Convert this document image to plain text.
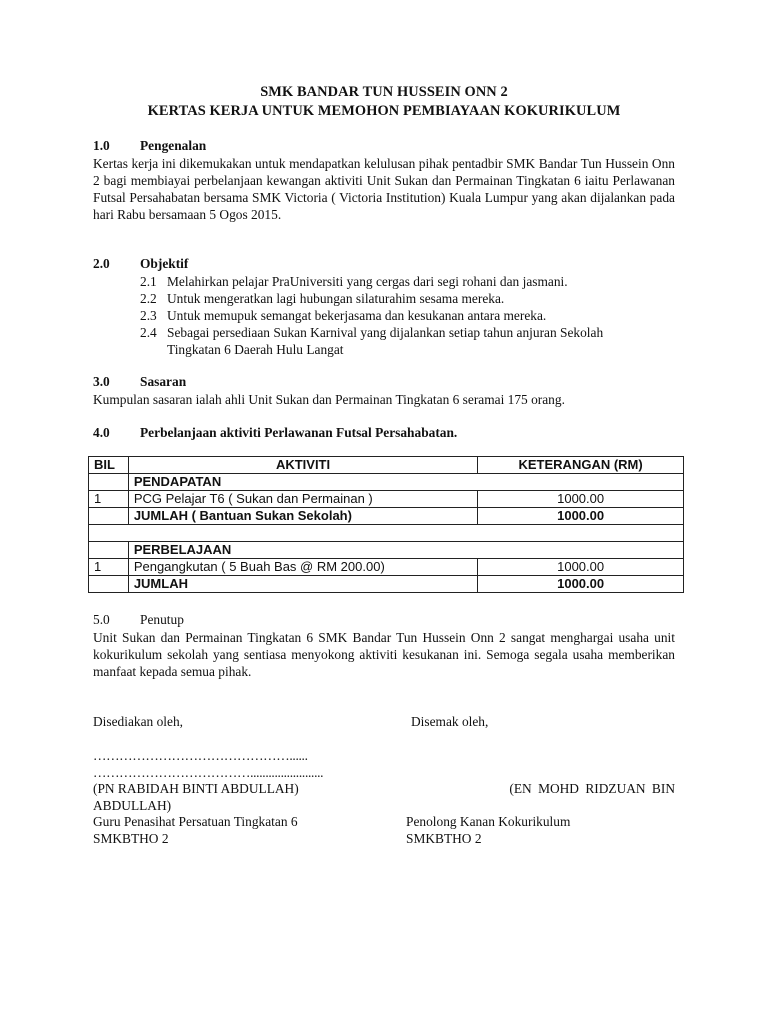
SMK BANDAR TUN HUSSEIN ONN 2
KERTAS KERJA UNTUK MEMOHON PEMBIAYAAN KOKURIKULUM
1.0 Pengenalan
Kertas kerja ini dikemukakan untuk mendapatkan kelulusan pihak pentadbir SMK Bandar Tun Hussein Onn 2 bagi membiayai perbelanjaan kewangan aktiviti Unit Sukan dan Permainan Tingkatan 6 iaitu Perlawanan Futsal Persahabatan bersama SMK Victoria ( Victoria Institution) Kuala Lumpur yang akan dijalankan pada hari Rabu bersamaan 5 Ogos 2015.
2.0 Objektif
2.1 Melahirkan pelajar PraUniversiti yang cergas dari segi rohani dan jasmani.
2.2 Untuk mengeratkan lagi hubungan silaturahim sesama mereka.
2.3 Untuk memupuk semangat bekerjasama dan kesukanan antara mereka.
2.4 Sebagai persediaan Sukan Karnival yang dijalankan setiap tahun anjuran Sekolah
Tingkatan 6 Daerah Hulu Langat
3.0 Sasaran
Kumpulan sasaran ialah ahli Unit Sukan dan Permainan Tingkatan 6 seramai 175 orang.
4.0 Perbelanjaan aktiviti Perlawanan Futsal Persahabatan.
BIL	AKTIVITI	KETERANGAN (RM)
	PENDAPATAN	
1	PCG Pelajar T6 ( Sukan dan Permainan )	1000.00
	JUMLAH ( Bantuan Sukan Sekolah)	1000.00

	PERBELAJAAN	
1	Pengangkutan ( 5 Buah Bas @ RM 200.00)	1000.00
	JUMLAH	1000.00
5.0 Penutup
Unit Sukan dan Permainan Tingkatan 6 SMK Bandar Tun Hussein Onn 2 sangat menghargai usaha unit kokurikulum sekolah yang sentiasa menyokong aktiviti kesukanan ini. Semoga segala usaha memberikan manfaat kepada semua pihak.
Disediakan oleh,	Disemak oleh,
………………………………………......
………………………………........................
(PN RABIDAH BINTI ABDULLAH)	(EN MOHD RIDZUAN BIN
ABDULLAH)
Guru Penasihat Persatuan Tingkatan 6	Penolong Kanan Kokurikulum
SMKBTHO 2	SMKBTHO 2
